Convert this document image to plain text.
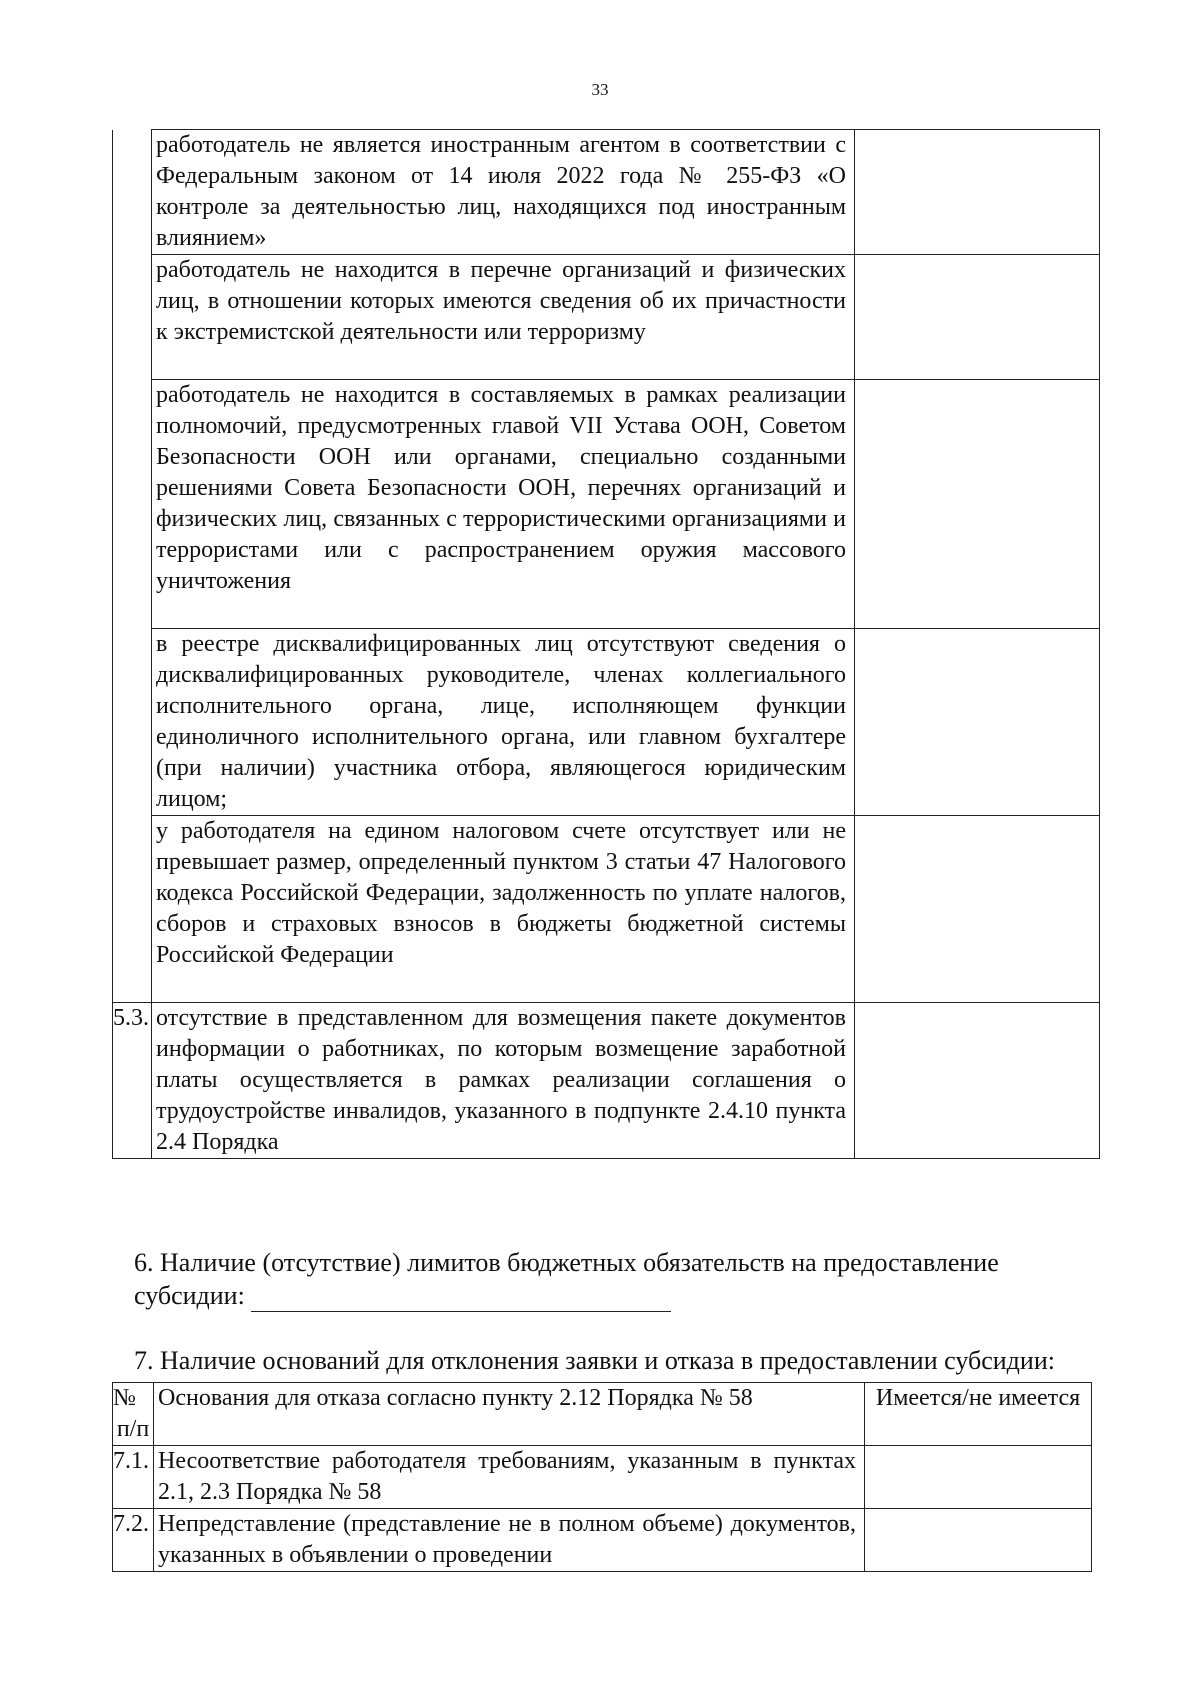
33
	работодатель не является иностранным агентом в соответствии с Федеральным законом от 14 июля 2022 года № 255-ФЗ «О контроле за деятельностью лиц, находящихся под иностранным влиянием»	
	работодатель не находится в перечне организаций и физических лиц, в отношении которых имеются сведения об их причастности к экстремистской деятельности или терроризму	
	работодатель не находится в составляемых в рамках реализации полномочий, предусмотренных главой VII Устава ООН, Советом Безопасности ООН или органами, специально созданными решениями Совета Безопасности ООН, перечнях организаций и физических лиц, связанных с террористическими организациями и террористами или с распространением оружия массового уничтожения	
	в реестре дисквалифицированных лиц отсутствуют сведения о дисквалифицированных руководителе, членах коллегиального исполнительного органа, лице, исполняющем функции единоличного исполнительного органа, или главном бухгалтере (при наличии) участника отбора, являющегося юридическим лицом;	
	у работодателя на едином налоговом счете отсутствует или не превышает размер, определенный пунктом 3 статьи 47 Налогового кодекса Российской Федерации, задолженность по уплате налогов, сборов и страховых взносов в бюджеты бюджетной системы Российской Федерации	
5.3.	отсутствие в представленном для возмещения пакете документов информации о работниках, по которым возмещение заработной платы осуществляется в рамках реализации соглашения о трудоустройстве инвалидов, указанного в подпункте 2.4.10 пункта 2.4 Порядка	
6. Наличие (отсутствие) лимитов бюджетных обязательств на предоставление
субсидии:
7. Наличие оснований для отклонения заявки и отказа в предоставлении субсидии:
№ п/п	Основания для отказа согласно пункту 2.12 Порядка № 58	Имеется/не имеется
7.1.	Несоответствие работодателя требованиям, указанным в пунктах 2.1, 2.3 Порядка № 58	
7.2.	Непредставление (представление не в полном объеме) документов, указанных в объявлении о проведении	
